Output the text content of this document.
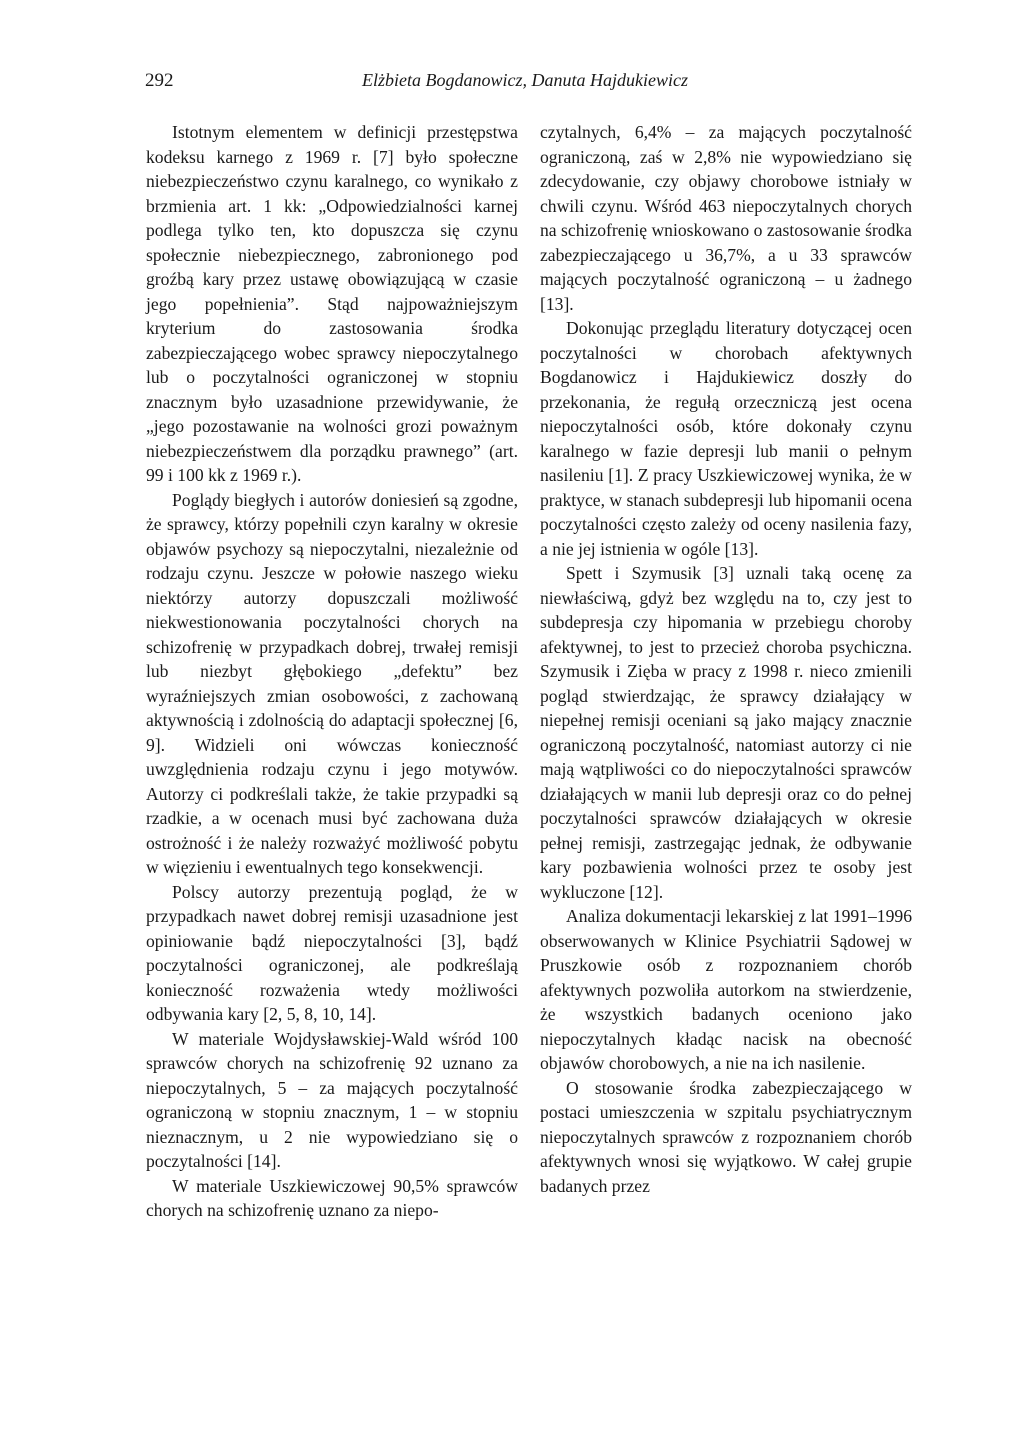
292	Elżbieta Bogdanowicz, Danuta Hajdukiewicz

Istotnym elementem w definicji przestępstwa kodeksu karnego z 1969 r. [7] było społeczne niebezpieczeństwo czynu karalnego, co wynikało z brzmienia art. 1 kk: „Odpowiedzialności karnej podlega tylko ten, kto dopuszcza się czynu społecznie niebezpiecznego, zabronionego pod groźbą kary przez ustawę obowiązującą w czasie jego popełnienia”. Stąd najpoważniejszym kryterium do zastosowania środka zabezpieczającego wobec sprawcy niepoczytalnego lub o poczytalności ograniczonej w stopniu znacznym było uzasadnione przewidywanie, że „jego pozostawanie na wolności grozi poważnym niebezpieczeństwem dla porządku prawnego” (art. 99 i 100 kk z 1969 r.).

Poglądy biegłych i autorów doniesień są zgodne, że sprawcy, którzy popełnili czyn karalny w okresie objawów psychozy są niepoczytalni, niezależnie od rodzaju czynu. Jeszcze w połowie naszego wieku niektórzy autorzy dopuszczali możliwość niekwestionowania poczytalności chorych na schizofrenię w przypadkach dobrej, trwałej remisji lub niezbyt głębokiego „defektu” bez wyraźniejszych zmian osobowości, z zachowaną aktywnością i zdolnością do adaptacji społecznej [6, 9]. Widzieli oni wówczas konieczność uwzględnienia rodzaju czynu i jego motywów. Autorzy ci podkreślali także, że takie przypadki są rzadkie, a w ocenach musi być zachowana duża ostrożność i że należy rozważyć możliwość pobytu w więzieniu i ewentualnych tego konsekwencji.

Polscy autorzy prezentują pogląd, że w przypadkach nawet dobrej remisji uzasadnione jest opiniowanie bądź niepoczytalności [3], bądź poczytalności ograniczonej, ale podkreślają konieczność rozważenia wtedy możliwości odbywania kary [2, 5, 8, 10, 14].

W materiale Wojdysławskiej-Wald wśród 100 sprawców chorych na schizofrenię 92 uznano za niepoczytalnych, 5 – za mających poczytalność ograniczoną w stopniu znacznym, 1 – w stopniu nieznacznym, u 2 nie wypowiedziano się o poczytalności [14].

W materiale Uszkiewiczowej 90,5% sprawców chorych na schizofrenię uznano za niepo-

czytalnych, 6,4% – za mających poczytalność ograniczoną, zaś w 2,8% nie wypowiedziano się zdecydowanie, czy objawy chorobowe istniały w chwili czynu. Wśród 463 niepoczytalnych chorych na schizofrenię wnioskowano o zastosowanie środka zabezpieczającego u 36,7%, a u 33 sprawców mających poczytalność ograniczoną – u żadnego [13].

Dokonując przeglądu literatury dotyczącej ocen poczytalności w chorobach afektywnych Bogdanowicz i Hajdukiewicz doszły do przekonania, że regułą orzeczniczą jest ocena niepoczytalności osób, które dokonały czynu karalnego w fazie depresji lub manii o pełnym nasileniu [1]. Z pracy Uszkiewiczowej wynika, że w praktyce, w stanach subdepresji lub hipomanii ocena poczytalności często zależy od oceny nasilenia fazy, a nie jej istnienia w ogóle [13].

Spett i Szymusik [3] uznali taką ocenę za niewłaściwą, gdyż bez względu na to, czy jest to subdepresja czy hipomania w przebiegu choroby afektywnej, to jest to przecież choroba psychiczna. Szymusik i Zięba w pracy z 1998 r. nieco zmienili pogląd stwierdzając, że sprawcy działający w niepełnej remisji oceniani są jako mający znacznie ograniczoną poczytalność, natomiast autorzy ci nie mają wątpliwości co do niepoczytalności sprawców działających w manii lub depresji oraz co do pełnej poczytalności sprawców działających w okresie pełnej remisji, zastrzegając jednak, że odbywanie kary pozbawienia wolności przez te osoby jest wykluczone [12].

Analiza dokumentacji lekarskiej z lat 1991–1996 obserwowanych w Klinice Psychiatrii Sądowej w Pruszkowie osób z rozpoznaniem chorób afektywnych pozwoliła autorkom na stwierdzenie, że wszystkich badanych oceniono jako niepoczytalnych kładąc nacisk na obecność objawów chorobowych, a nie na ich nasilenie.

O stosowanie środka zabezpieczającego w postaci umieszczenia w szpitalu psychiatrycznym niepoczytalnych sprawców z rozpoznaniem chorób afektywnych wnosi się wyjątkowo. W całej grupie badanych przez
